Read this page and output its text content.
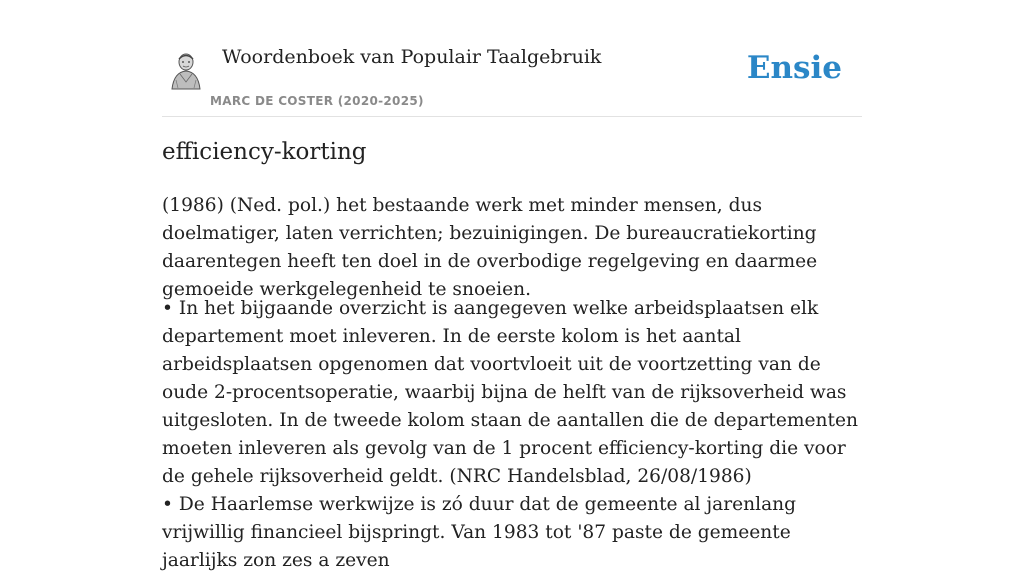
Woordenboek van Populair Taalgebruik
MARC DE COSTER (2020-2025)
Ensie
efficiency-korting

(1986) (Ned. pol.) het bestaande werk met minder mensen, dus doelmatiger, laten verrichten; bezuinigingen. De bureaucratiekorting daarentegen heeft ten doel in de overbodige regelgeving en daarmee gemoeide werkgelegenheid te snoeien.

• In het bijgaande overzicht is aangegeven welke arbeidsplaatsen elk departement moet inleveren. In de eerste kolom is het aantal arbeidsplaatsen opgenomen dat voortvloeit uit de voortzetting van de oude 2-procentsoperatie, waarbij bijna de helft van de rijksoverheid was uitgesloten. In de tweede kolom staan de aantallen die de departementen moeten inleveren als gevolg van de 1 procent efficiency-korting die voor de gehele rijksoverheid geldt. (NRC Handelsblad, 26/08/1986)

• De Haarlemse werkwijze is zó duur dat de gemeente al jarenlang vrijwillig financieel bijspringt. Van 1983 tot '87 paste de gemeente jaarlijks zon zes a zeven
